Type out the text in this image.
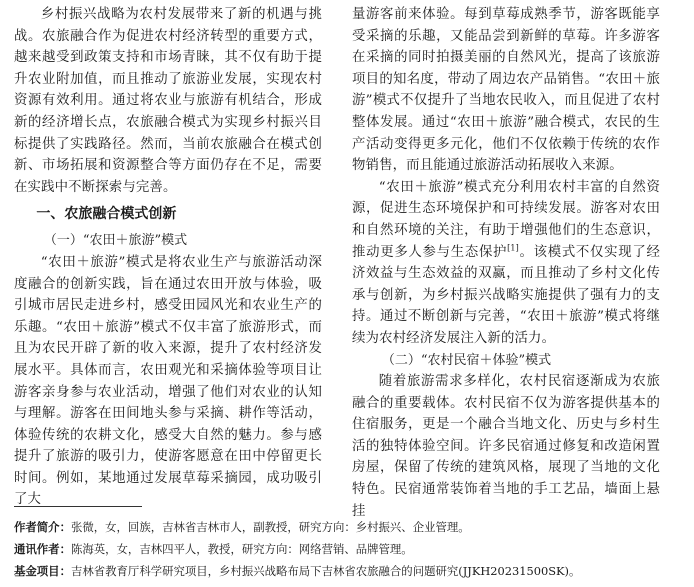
乡村振兴战略为农村发展带来了新的机遇与挑战。农旅融合作为促进农村经济转型的重要方式，越来越受到政策支持和市场青睐，其不仅有助于提升农业附加值，而且推动了旅游业发展，实现农村资源有效利用。通过将农业与旅游有机结合，形成新的经济增长点，农旅融合模式为实现乡村振兴目标提供了实践路径。然而，当前农旅融合在模式创新、市场拓展和资源整合等方面仍存在不足，需要在实践中不断探索与完善。

一、农旅融合模式创新
（一）“农田＋旅游”模式

“农田＋旅游”模式是将农业生产与旅游活动深度融合的创新实践，旨在通过农田开放与体验，吸引城市居民走进乡村，感受田园风光和农业生产的乐趣。“农田＋旅游”模式不仅丰富了旅游形式，而且为农民开辟了新的收入来源，提升了农村经济发展水平。具体而言，农田观光和采摘体验等项目让游客亲身参与农业活动，增强了他们对农业的认知与理解。游客在田间地头参与采摘、耕作等活动，体验传统的农耕文化，感受大自然的魅力。参与感提升了旅游的吸引力，使游客愿意在田中停留更长时间。例如，某地通过发展草莓采摘园，成功吸引了大

量游客前来体验。每到草莓成熟季节，游客既能享受采摘的乐趣，又能品尝到新鲜的草莓。许多游客在采摘的同时拍摄美丽的自然风光，提高了该旅游项目的知名度，带动了周边农产品销售。“农田＋旅游”模式不仅提升了当地农民收入，而且促进了农村整体发展。通过“农田＋旅游”融合模式，农民的生产活动变得更多元化，他们不仅依赖于传统的农作物销售，而且能通过旅游活动拓展收入来源。

“农田＋旅游”模式充分利用农村丰富的自然资源，促进生态环境保护和可持续发展。游客对农田和自然环境的关注，有助于增强他们的生态意识，推动更多人参与生态保护[1]。该模式不仅实现了经济效益与生态效益的双赢，而且推动了乡村文化传承与创新，为乡村振兴战略实施提供了强有力的支持。通过不断创新与完善，“农田＋旅游”模式将继续为农村经济发展注入新的活力。

（二）“农村民宿＋体验”模式

随着旅游需求多样化，农村民宿逐渐成为农旅融合的重要载体。农村民宿不仅为游客提供基本的住宿服务，更是一个融合当地文化、历史与乡村生活的独特体验空间。许多民宿通过修复和改造闲置房屋，保留了传统的建筑风格，展现了当地的文化特色。民宿通常装饰着当地的手工艺品，墙面上悬挂

作者简介：张微，女，回族，吉林省吉林市人，副教授，研究方向：乡村振兴、企业管理。
通讯作者：陈海英，女，吉林四平人，教授，研究方向：网络营销、品牌管理。
基金项目：吉林省教育厅科学研究项目，乡村振兴战略布局下吉林省农旅融合的问题研究(JJKH20231500SK)。
